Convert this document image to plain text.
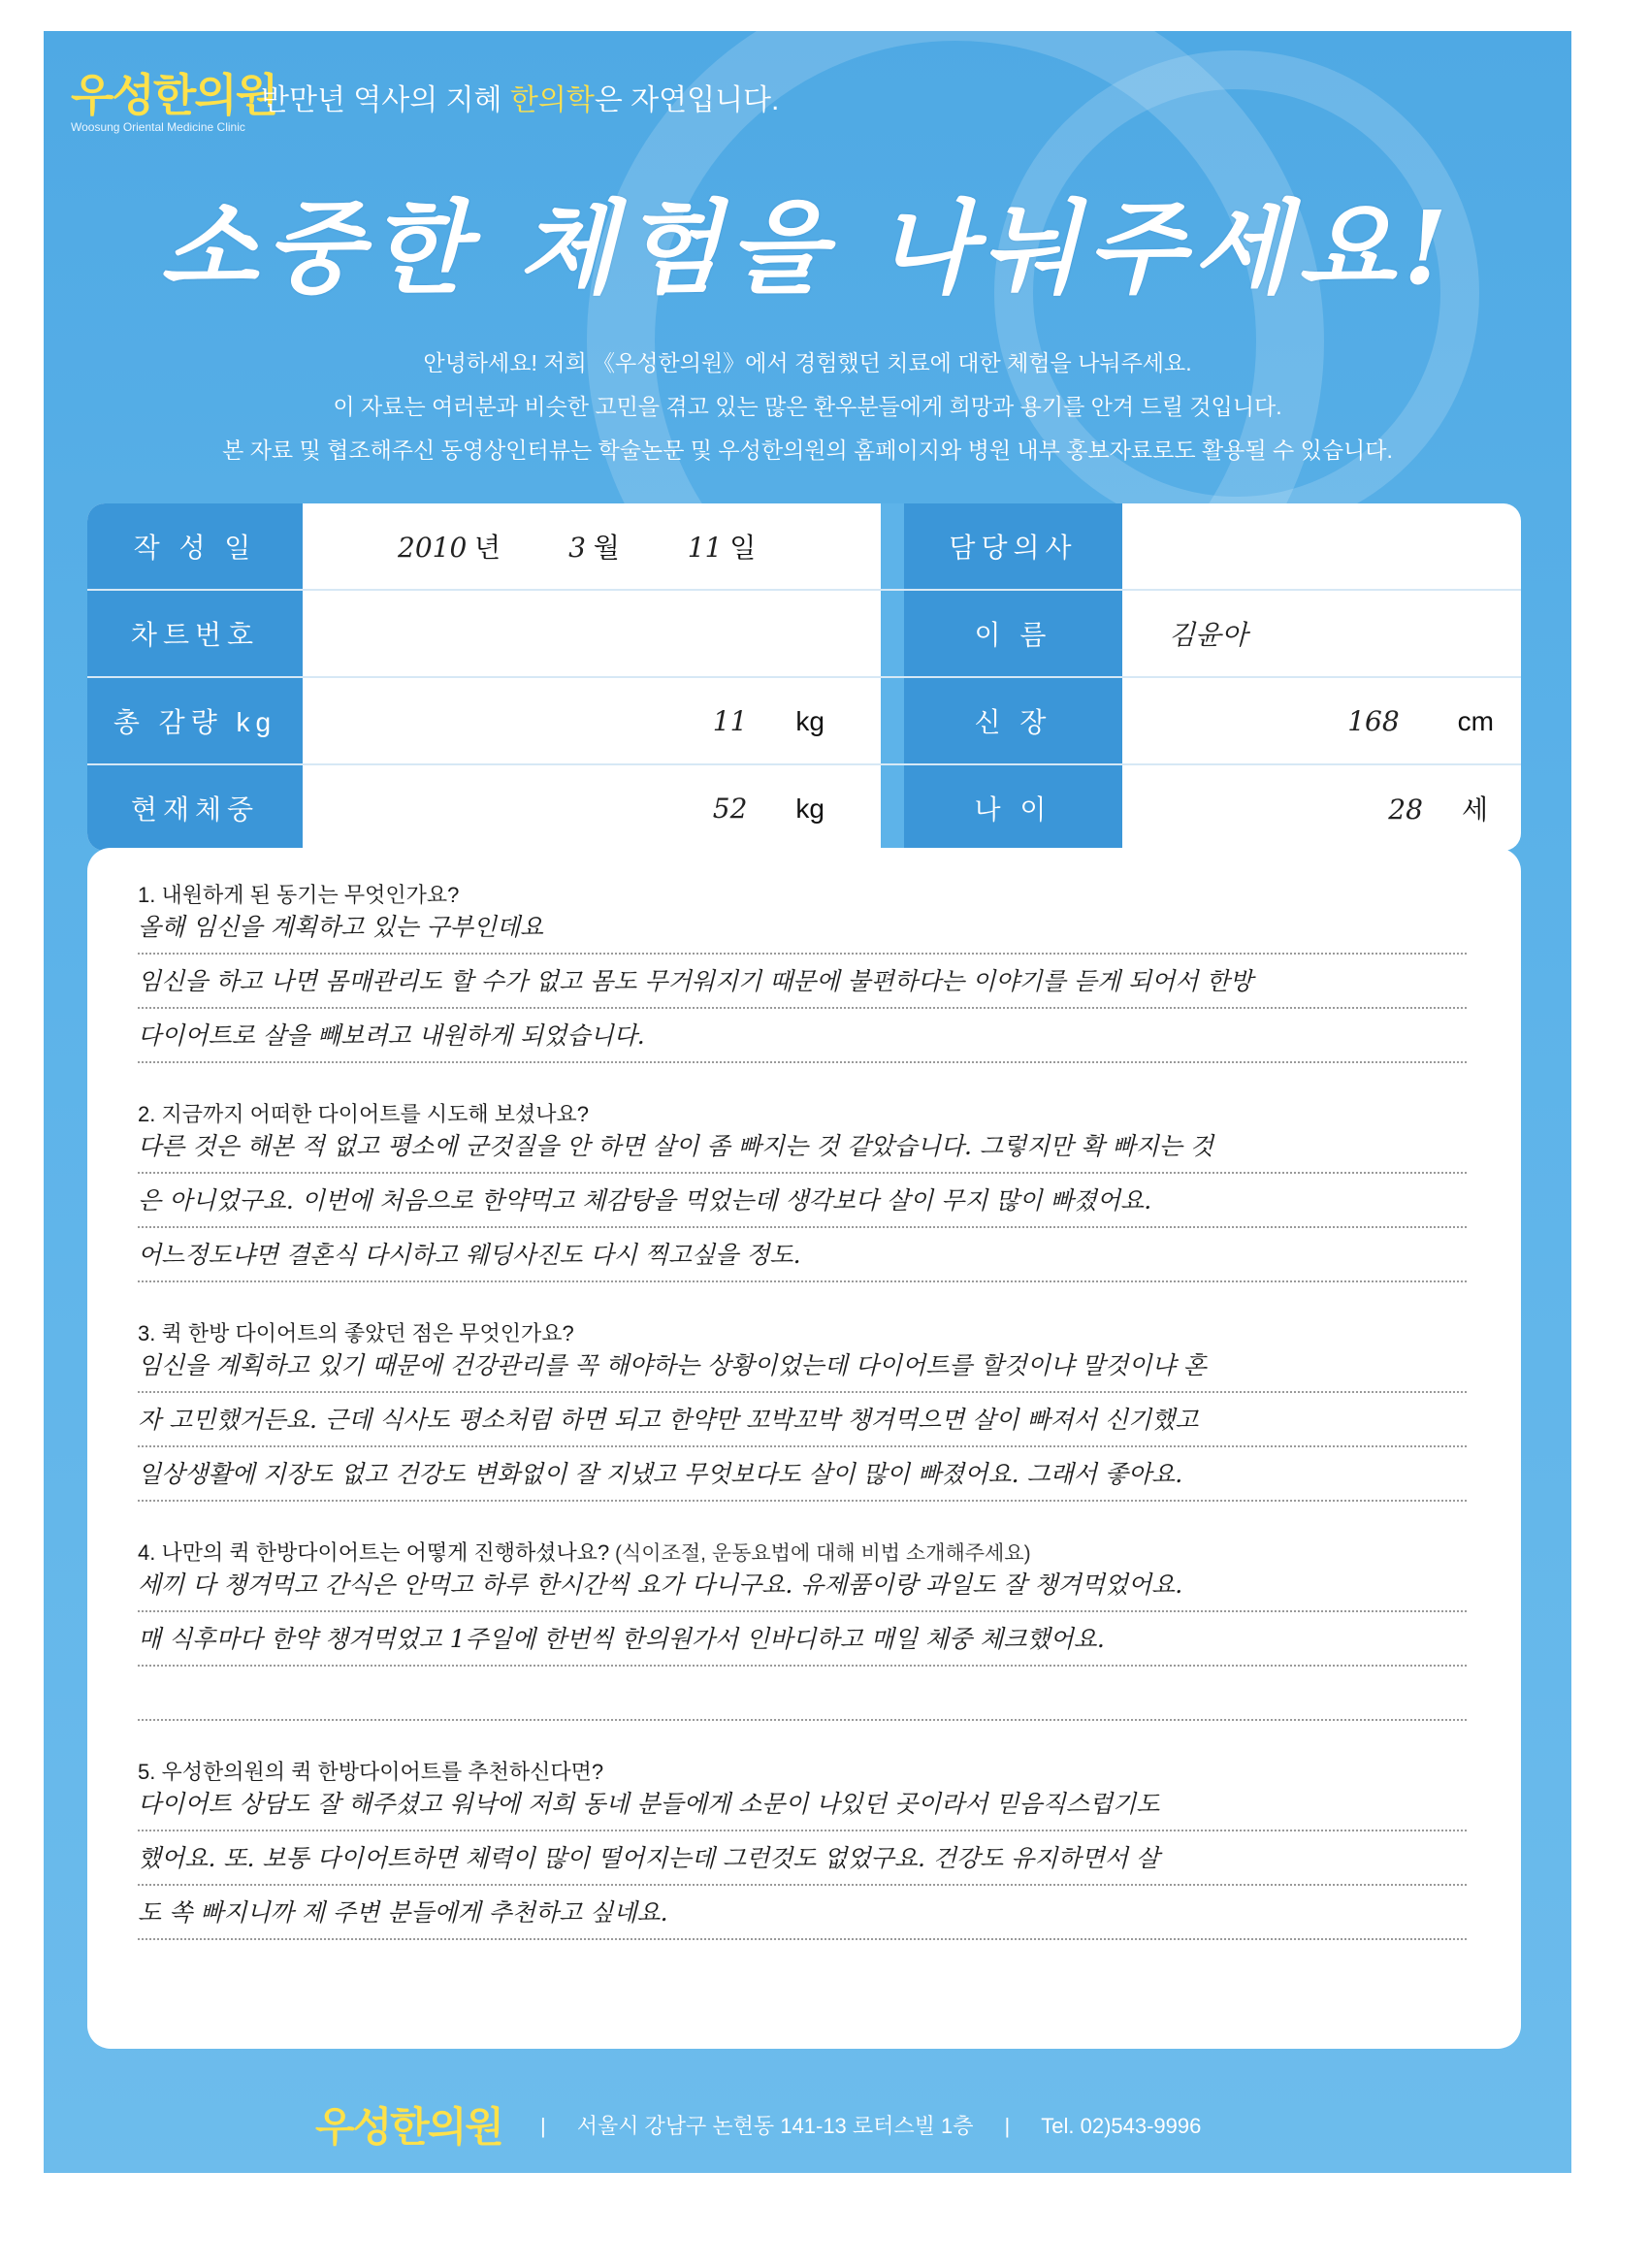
우성한의원
Woosung Oriental Medicine Clinic
반만년 역사의 지혜 한의학은 자연입니다.
소중한 체험을 나눠주세요!
안녕하세요! 저희 《우성한의원》에서 경험했던 치료에 대한 체험을 나눠주세요.
이 자료는 여러분과 비슷한 고민을 겪고 있는 많은 환우분들에게 희망과 용기를 안겨 드릴 것입니다.
본 자료 및 협조해주신 동영상인터뷰는 학술논문 및 우성한의원의 홈페이지와 병원 내부 홍보자료로도 활용될 수 있습니다.
작 성 일	2010 년 3 월 11 일		담당의사	
차트번호			이 름	김윤아
총 감량 kg	11 kg		신 장	168 cm
현재체중	52 kg		나 이	28 세
1. 내원하게 된 동기는 무엇인가요?
올해 임신을 계획하고 있는 구부인데요
임신을 하고 나면 몸매관리도 할 수가 없고 몸도 무거워지기 때문에 불편하다는 이야기를 듣게 되어서 한방
다이어트로 살을 빼보려고 내원하게 되었습니다.
2. 지금까지 어떠한 다이어트를 시도해 보셨나요?
다른 것은 해본 적 없고 평소에 군것질을 안 하면 살이 좀 빠지는 것 같았습니다. 그렇지만 확 빠지는 것
은 아니었구요. 이번에 처음으로 한약먹고 체감탕을 먹었는데 생각보다 살이 무지 많이 빠졌어요.
어느정도냐면 결혼식 다시하고 웨딩사진도 다시 찍고싶을 정도.
3. 퀵 한방 다이어트의 좋았던 점은 무엇인가요?
임신을 계획하고 있기 때문에 건강관리를 꼭 해야하는 상황이었는데 다이어트를 할것이냐 말것이냐 혼
자 고민했거든요. 근데 식사도 평소처럼 하면 되고 한약만 꼬박꼬박 챙겨먹으면 살이 빠져서 신기했고
일상생활에 지장도 없고 건강도 변화없이 잘 지냈고 무엇보다도 살이 많이 빠졌어요. 그래서 좋아요.
4. 나만의 퀵 한방다이어트는 어떻게 진행하셨나요? (식이조절, 운동요법에 대해 비법 소개해주세요)
세끼 다 챙겨먹고 간식은 안먹고 하루 한시간씩 요가 다니구요. 유제품이랑 과일도 잘 챙겨먹었어요.
매 식후마다 한약 챙겨먹었고 1주일에 한번씩 한의원가서 인바디하고 매일 체중 체크했어요.
5. 우성한의원의 퀵 한방다이어트를 추천하신다면?
다이어트 상담도 잘 해주셨고 워낙에 저희 동네 분들에게 소문이 나있던 곳이라서 믿음직스럽기도
했어요. 또. 보통 다이어트하면 체력이 많이 떨어지는데 그런것도 없었구요. 건강도 유지하면서 살
도 쏙 빠지니까 제 주변 분들에게 추천하고 싶네요.
우성한의원 | 서울시 강남구 논현동 141-13 로터스빌 1층 | Tel. 02)543-9996
